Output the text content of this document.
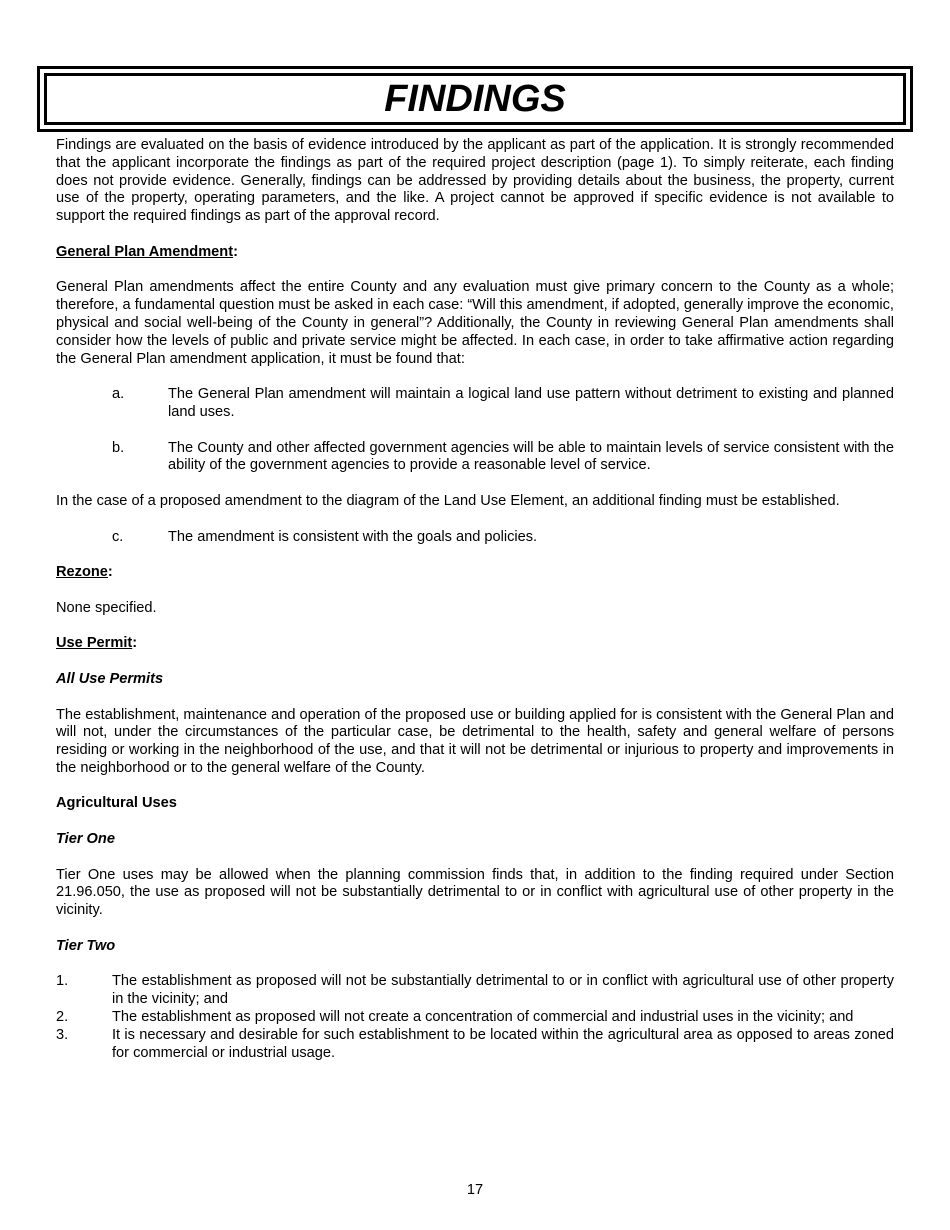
FINDINGS

Findings are evaluated on the basis of evidence introduced by the applicant as part of the application. It is strongly recommended that the applicant incorporate the findings as part of the required project description (page 1). To simply reiterate, each finding does not provide evidence. Generally, findings can be addressed by providing details about the business, the property, current use of the property, operating parameters, and the like. A project cannot be approved if specific evidence is not available to support the required findings as part of the approval record.

General Plan Amendment:

General Plan amendments affect the entire County and any evaluation must give primary concern to the County as a whole; therefore, a fundamental question must be asked in each case: “Will this amendment, if adopted, generally improve the economic, physical and social well-being of the County in general”? Additionally, the County in reviewing General Plan amendments shall consider how the levels of public and private service might be affected. In each case, in order to take affirmative action regarding the General Plan amendment application, it must be found that:

a.	The General Plan amendment will maintain a logical land use pattern without detriment to existing and planned land uses.
b.	The County and other affected government agencies will be able to maintain levels of service consistent with the ability of the government agencies to provide a reasonable level of service.

In the case of a proposed amendment to the diagram of the Land Use Element, an additional finding must be established.

c.	The amendment is consistent with the goals and policies.

Rezone:

None specified.

Use Permit:

All Use Permits

The establishment, maintenance and operation of the proposed use or building applied for is consistent with the General Plan and will not, under the circumstances of the particular case, be detrimental to the health, safety and general welfare of persons residing or working in the neighborhood of the use, and that it will not be detrimental or injurious to property and improvements in the neighborhood or to the general welfare of the County.

Agricultural Uses

Tier One

Tier One uses may be allowed when the planning commission finds that, in addition to the finding required under Section 21.96.050, the use as proposed will not be substantially detrimental to or in conflict with agricultural use of other property in the vicinity.

Tier Two

1.	The establishment as proposed will not be substantially detrimental to or in conflict with agricultural use of other property in the vicinity; and
2.	The establishment as proposed will not create a concentration of commercial and industrial uses in the vicinity; and
3.	It is necessary and desirable for such establishment to be located within the agricultural area as opposed to areas zoned for commercial or industrial usage.
17
